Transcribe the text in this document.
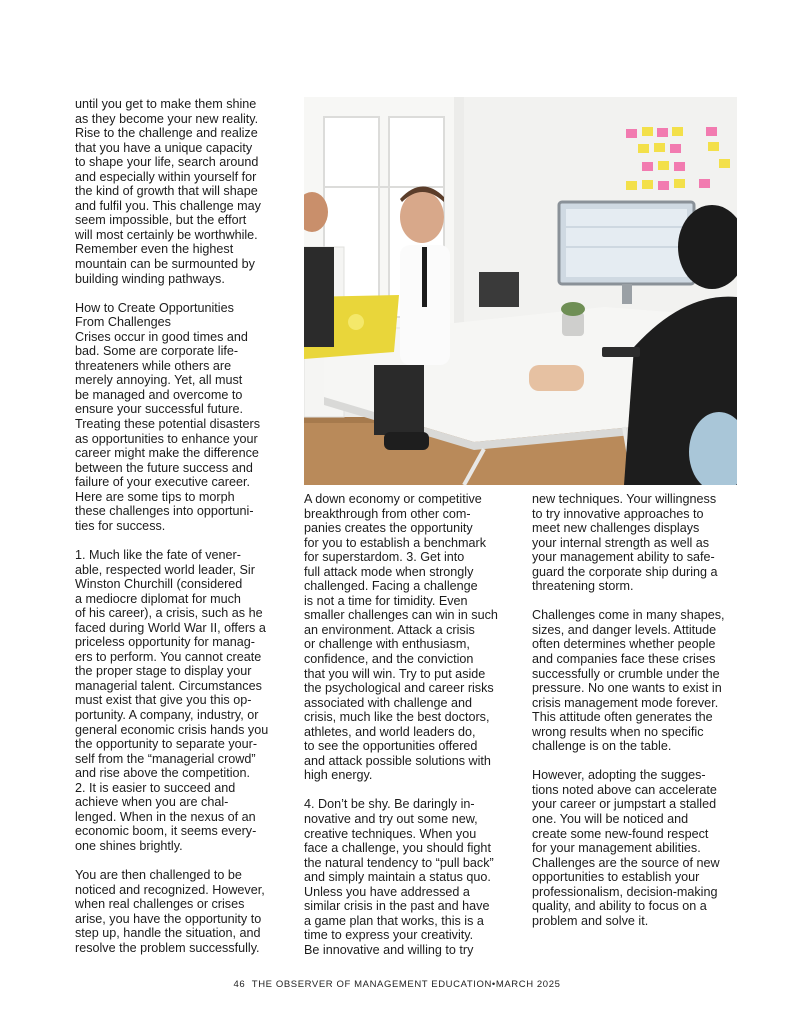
until you get to make them shine
as they become your new reality.
Rise to the challenge and realize
that you have a unique capacity
to shape your life, search around
and especially within yourself for
the kind of growth that will shape
and fulfil you. This challenge may
seem impossible, but the effort
will most certainly be worthwhile.
Remember even the highest
mountain can be surmounted by
building winding pathways.
How to Create Opportunities
From Challenges
Crises occur in good times and
bad. Some are corporate life-
threateners while others are
merely annoying. Yet, all must
be managed and overcome to
ensure your successful future.
Treating these potential disasters
as opportunities to enhance your
career might make the difference
between the future success and
failure of your executive career.
Here are some tips to morph
these challenges into opportuni-
ties for success.
1. Much like the fate of vener-
able, respected world leader, Sir
Winston Churchill (considered
a mediocre diplomat for much
of his career), a crisis, such as he
faced during World War II, offers a
priceless opportunity for manag-
ers to perform. You cannot create
the proper stage to display your
managerial talent. Circumstances
must exist that give you this op-
portunity. A company, industry, or
general economic crisis hands you
the opportunity to separate your-
self from the “managerial crowd”
and rise above the competition.
2. It is easier to succeed and
achieve when you are chal-
lenged. When in the nexus of an
economic boom, it seems every-
one shines brightly.
You are then challenged to be
noticed and recognized. However,
when real challenges or crises
arise, you have the opportunity to
step up, handle the situation, and
resolve the problem successfully.
A down economy or competitive
breakthrough from other com-
panies creates the opportunity
for you to establish a benchmark
for superstardom. 3. Get into
full attack mode when strongly
challenged. Facing a challenge
is not a time for timidity. Even
smaller challenges can win in such
an environment. Attack a crisis
or challenge with enthusiasm,
confidence, and the conviction
that you will win. Try to put aside
the psychological and career risks
associated with challenge and
crisis, much like the best doctors,
athletes, and world leaders do,
to see the opportunities offered
and attack possible solutions with
high energy.
4. Don’t be shy. Be daringly in-
novative and try out some new,
creative techniques. When you
face a challenge, you should fight
the natural tendency to “pull back”
and simply maintain a status quo.
Unless you have addressed a
similar crisis in the past and have
a game plan that works, this is a
time to express your creativity.
Be innovative and willing to try
new techniques. Your willingness
to try innovative approaches to
meet new challenges displays
your internal strength as well as
your management ability to safe-
guard the corporate ship during a
threatening storm.
Challenges come in many shapes,
sizes, and danger levels. Attitude
often determines whether people
and companies face these crises
successfully or crumble under the
pressure. No one wants to exist in
crisis management mode forever.
This attitude often generates the
wrong results when no specific
challenge is on the table.
However, adopting the sugges-
tions noted above can accelerate
your career or jumpstart a stalled
one. You will be noticed and
create some new-found respect
for your management abilities.
Challenges are the source of new
opportunities to establish your
professionalism, decision-making
quality, and ability to focus on a
problem and solve it.
46 THE OBSERVER OF MANAGEMENT EDUCATION•MARCH 2025
